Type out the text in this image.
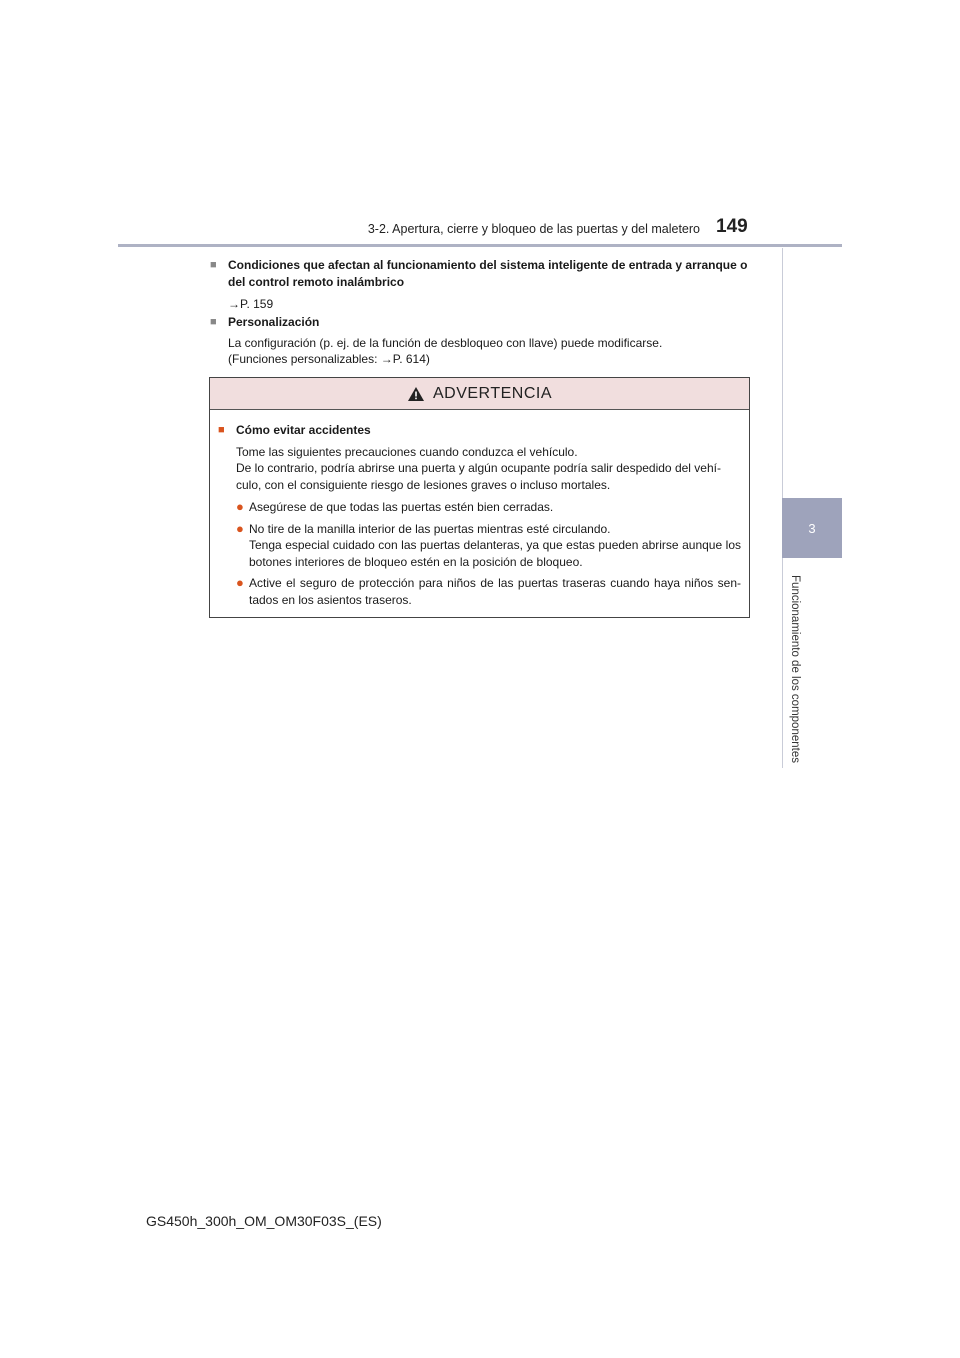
3-2. Apertura, cierre y bloqueo de las puertas y del maletero 149
3
Funcionamiento de los componentes
■ Condiciones que afectan al funcionamiento del sistema inteligente de entrada y arranque o
del control remoto inalámbrico
→P. 159
■ Personalización
La configuración (p. ej. de la función de desbloqueo con llave) puede modificarse.
(Funciones personalizables: →P. 614)
ADVERTENCIA
■ Cómo evitar accidentes
Tome las siguientes precauciones cuando conduzca el vehículo.
De lo contrario, podría abrirse una puerta y algún ocupante podría salir despedido del vehí-
culo, con el consiguiente riesgo de lesiones graves o incluso mortales.
● Asegúrese de que todas las puertas estén bien cerradas.
● No tire de la manilla interior de las puertas mientras esté circulando.
Tenga especial cuidado con las puertas delanteras, ya que estas pueden abrirse aunque los botones interiores de bloqueo estén en la posición de bloqueo.
● Active el seguro de protección para niños de las puertas traseras cuando haya niños sen-tados en los asientos traseros.
GS450h_300h_OM_OM30F03S_(ES)
